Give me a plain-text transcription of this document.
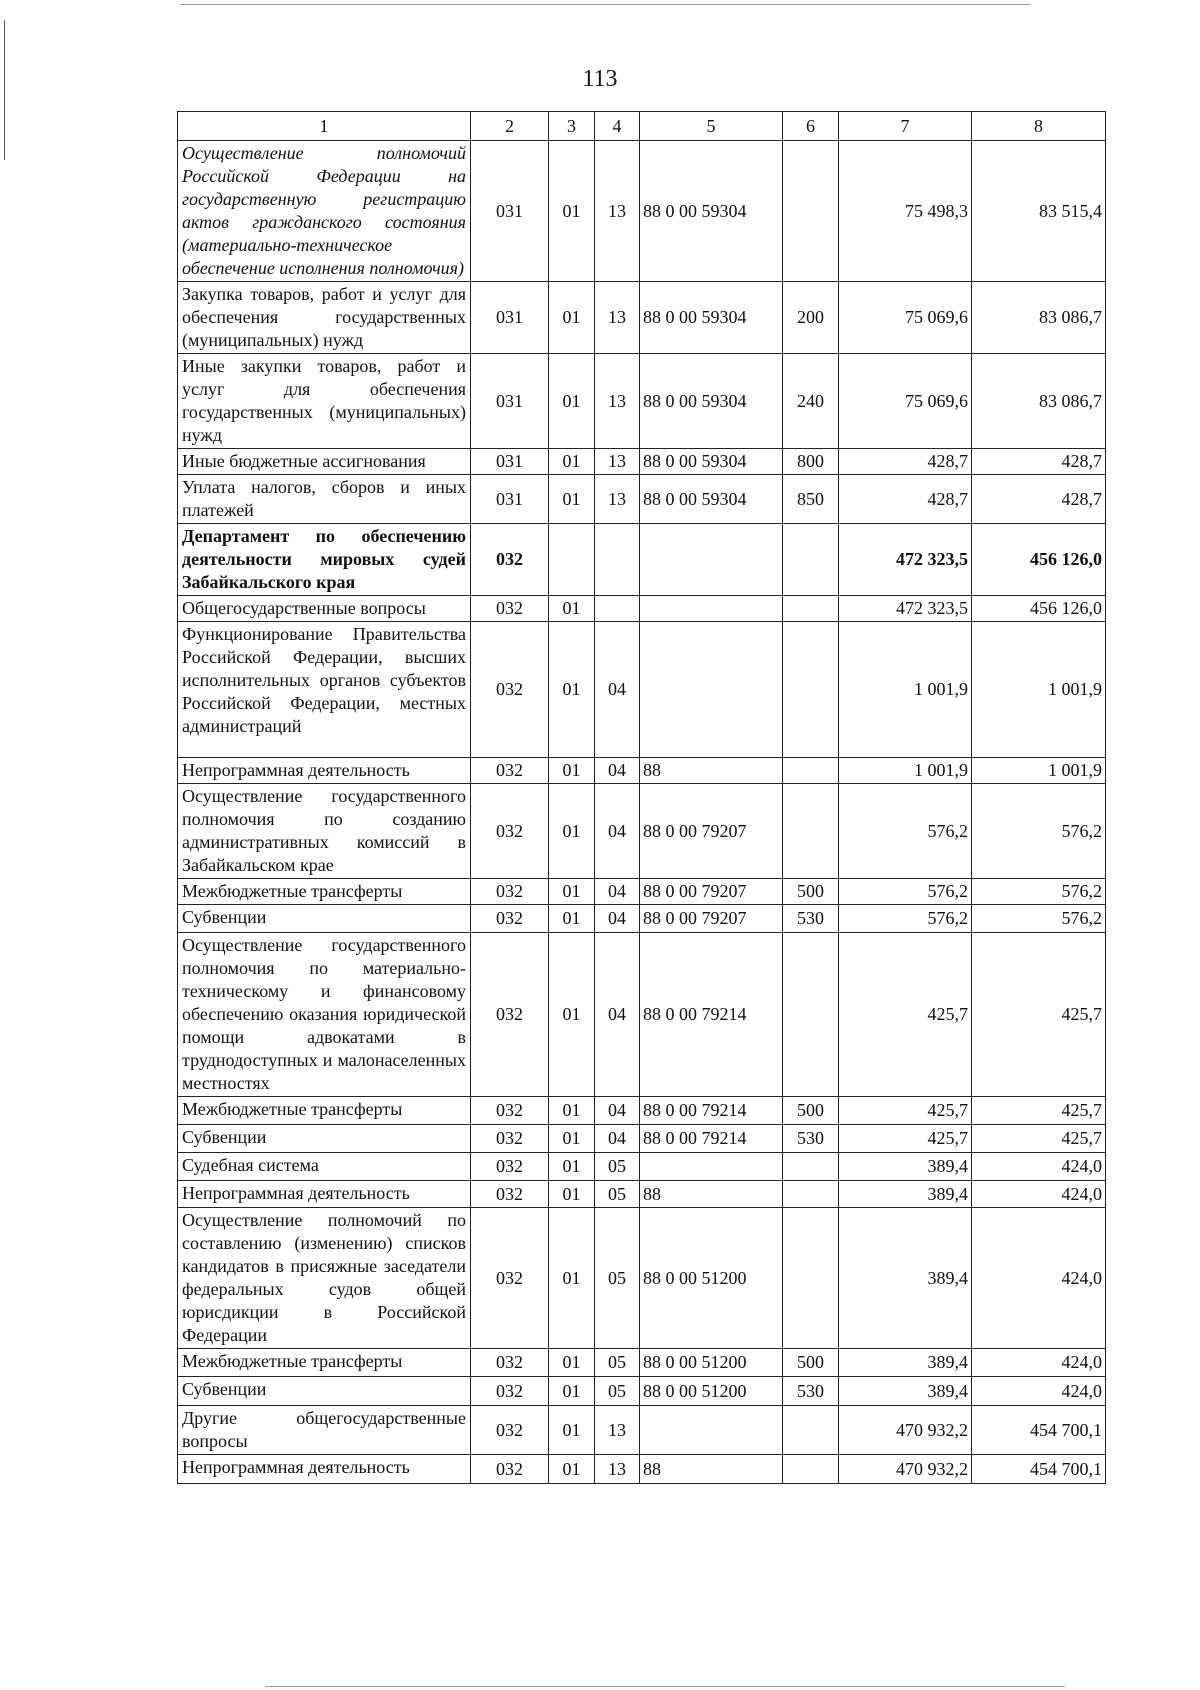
113
1	2	3	4	5	6	7	8
Осуществление полномочий Российской Федерации на государственную регистрацию актов гражданского состояния (материально-техническое обеспечение исполнения полномочия)	031	01	13	88 0 00 59304		75 498,3	83 515,4
Закупка товаров, работ и услуг для обеспечения государственных (муниципальных) нужд	031	01	13	88 0 00 59304	200	75 069,6	83 086,7
Иные закупки товаров, работ и услуг для обеспечения государственных (муниципальных) нужд	031	01	13	88 0 00 59304	240	75 069,6	83 086,7
Иные бюджетные ассигнования	031	01	13	88 0 00 59304	800	428,7	428,7
Уплата налогов, сборов и иных платежей	031	01	13	88 0 00 59304	850	428,7	428,7
Департамент по обеспечению деятельности мировых судей Забайкальского края	032					472 323,5	456 126,0
Общегосударственные вопросы	032	01				472 323,5	456 126,0
Функционирование Правительства Российской Федерации, высших исполнительных органов субъектов Российской Федерации, местных администраций	032	01	04			1 001,9	1 001,9
Непрограммная деятельность	032	01	04	88		1 001,9	1 001,9
Осуществление государственного полномочия по созданию административных комиссий в Забайкальском крае	032	01	04	88 0 00 79207		576,2	576,2
Межбюджетные трансферты	032	01	04	88 0 00 79207	500	576,2	576,2
Субвенции	032	01	04	88 0 00 79207	530	576,2	576,2
Осуществление государственного полномочия по материально-техническому и финансовому обеспечению оказания юридической помощи адвокатами в труднодоступных и малонаселенных местностях	032	01	04	88 0 00 79214		425,7	425,7
Межбюджетные трансферты	032	01	04	88 0 00 79214	500	425,7	425,7
Субвенции	032	01	04	88 0 00 79214	530	425,7	425,7
Судебная система	032	01	05			389,4	424,0
Непрограммная деятельность	032	01	05	88		389,4	424,0
Осуществление полномочий по составлению (изменению) списков кандидатов в присяжные заседатели федеральных судов общей юрисдикции в Российской Федерации	032	01	05	88 0 00 51200		389,4	424,0
Межбюджетные трансферты	032	01	05	88 0 00 51200	500	389,4	424,0
Субвенции	032	01	05	88 0 00 51200	530	389,4	424,0
Другие общегосударственные вопросы	032	01	13			470 932,2	454 700,1
Непрограммная деятельность	032	01	13	88		470 932,2	454 700,1
